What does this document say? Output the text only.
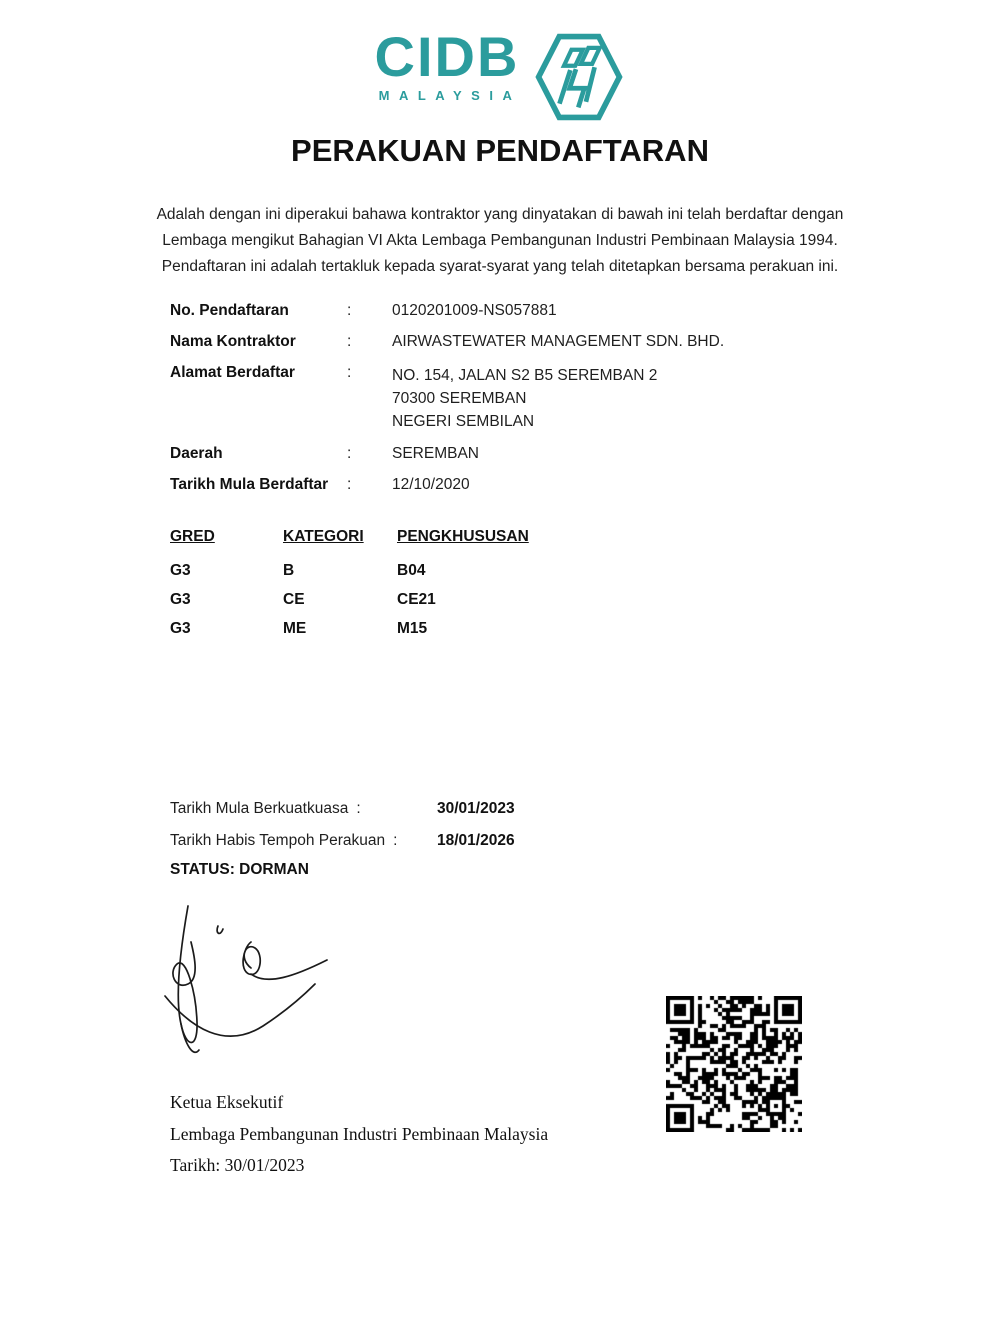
CIDB
MALAYSIA
PERAKUAN PENDAFTARAN
Adalah dengan ini diperakui bahawa kontraktor yang dinyatakan di bawah ini telah berdaftar dengan
Lembaga mengikut Bahagian VI Akta Lembaga Pembangunan Industri Pembinaan Malaysia 1994.
Pendaftaran ini adalah tertakluk kepada syarat-syarat yang telah ditetapkan bersama perakuan ini.
No. Pendaftaran	:	0120201009-NS057881
Nama Kontraktor	:	AIRWASTEWATER MANAGEMENT SDN. BHD.
Alamat Berdaftar	:	NO. 154, JALAN S2 B5 SEREMBAN 2
70300 SEREMBAN
NEGERI SEMBILAN
Daerah	:	SEREMBAN
Tarikh Mula Berdaftar	:	12/10/2020
GRED	KATEGORI	PENGKHUSUSAN
G3	B	B04
G3	CE	CE21
G3	ME	M15
Tarikh Mula Berkuatkuasa :	30/01/2023
Tarikh Habis Tempoh Perakuan :	18/01/2026
STATUS: DORMAN
Ketua Eksekutif
Lembaga Pembangunan Industri Pembinaan Malaysia
Tarikh: 30/01/2023
